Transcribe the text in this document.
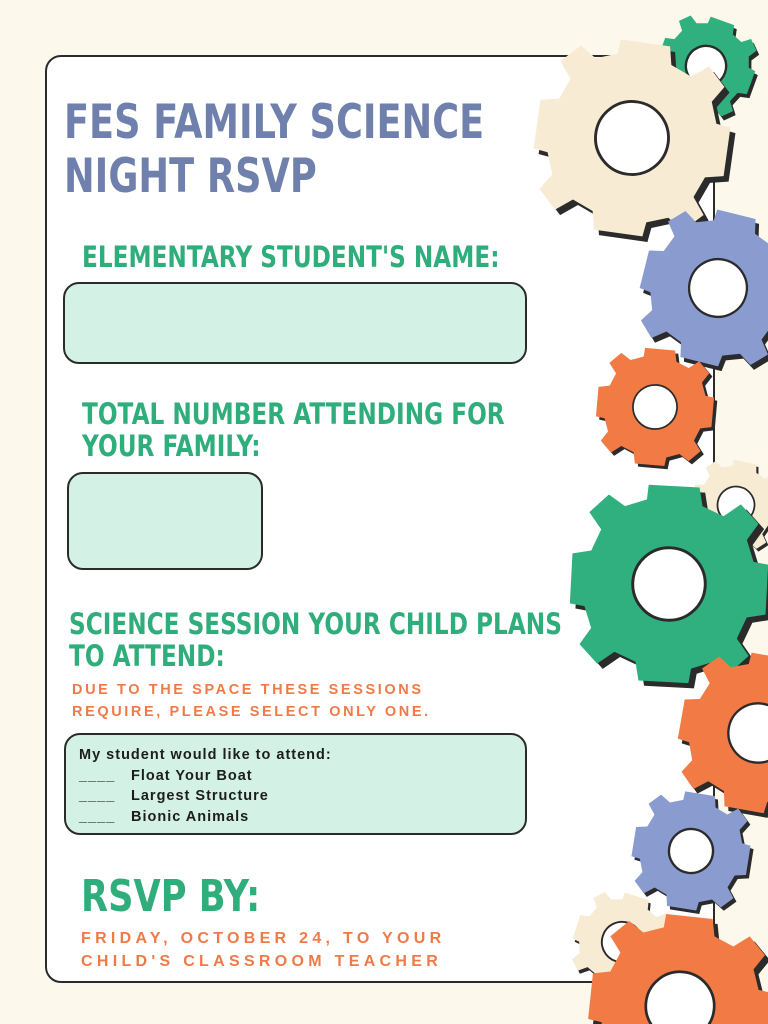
FES FAMILY SCIENCE
NIGHT RSVP
ELEMENTARY STUDENT'S NAME:
TOTAL NUMBER ATTENDING FOR
YOUR FAMILY:
SCIENCE SESSION YOUR CHILD PLANS
TO ATTEND:
DUE TO THE SPACE THESE SESSIONS
REQUIRE, PLEASE SELECT ONLY ONE.
My student would like to attend:
____ Float Your Boat
____ Largest Structure
____ Bionic Animals
RSVP BY:
FRIDAY, OCTOBER 24, TO YOUR
CHILD'S CLASSROOM TEACHER
